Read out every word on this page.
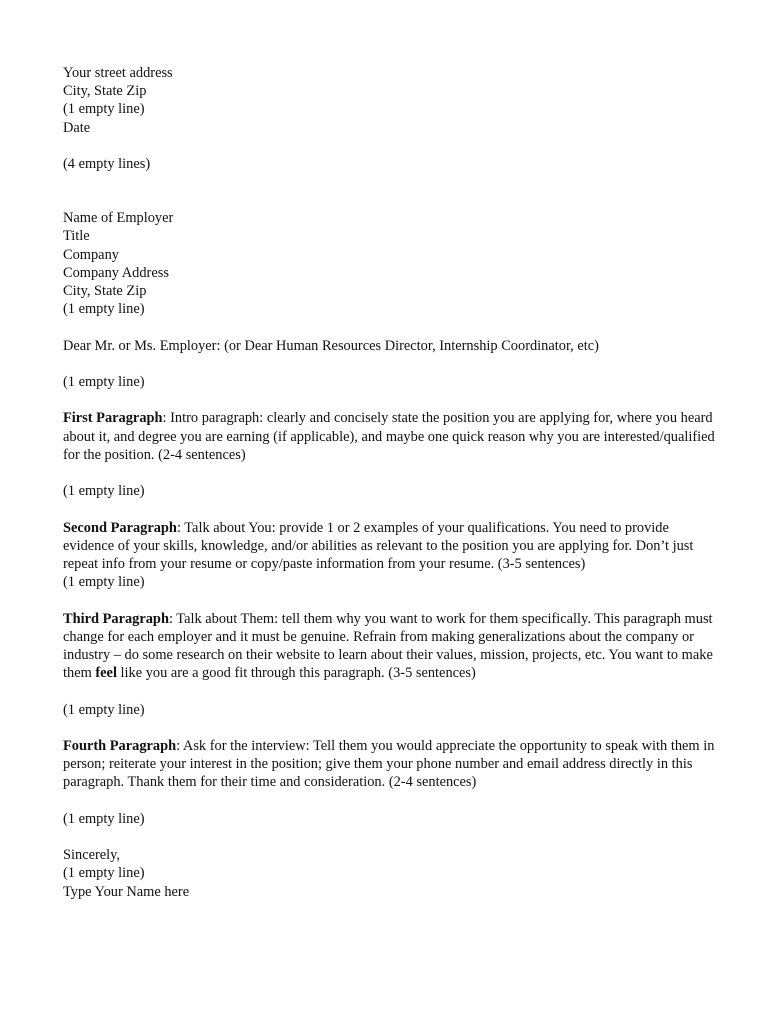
Your street address
City, State Zip
(1 empty line)
Date
(4 empty lines)
Name of Employer
Title
Company
Company Address
City, State Zip
(1 empty line)
Dear Mr. or Ms. Employer: (or Dear Human Resources Director, Internship Coordinator, etc)
(1 empty line)

First Paragraph: Intro paragraph: clearly and concisely state the position you are applying for, where you heard about it, and degree you are earning (if applicable), and maybe one quick reason why you are interested/qualified for the position. (2-4 sentences)

(1 empty line)

Second Paragraph: Talk about You: provide 1 or 2 examples of your qualifications. You need to provide evidence of your skills, knowledge, and/or abilities as relevant to the position you are applying for. Don’t just repeat info from your resume or copy/paste information from your resume. (3-5 sentences)

(1 empty line)

Third Paragraph: Talk about Them: tell them why you want to work for them specifically. This paragraph must change for each employer and it must be genuine. Refrain from making generalizations about the company or industry – do some research on their website to learn about their values, mission, projects, etc. You want to make them feel like you are a good fit through this paragraph. (3-5 sentences)

(1 empty line)

Fourth Paragraph: Ask for the interview: Tell them you would appreciate the opportunity to speak with them in person; reiterate your interest in the position; give them your phone number and email address directly in this paragraph. Thank them for their time and consideration. (2-4 sentences)

(1 empty line)
Sincerely,
(1 empty line)
Type Your Name here
